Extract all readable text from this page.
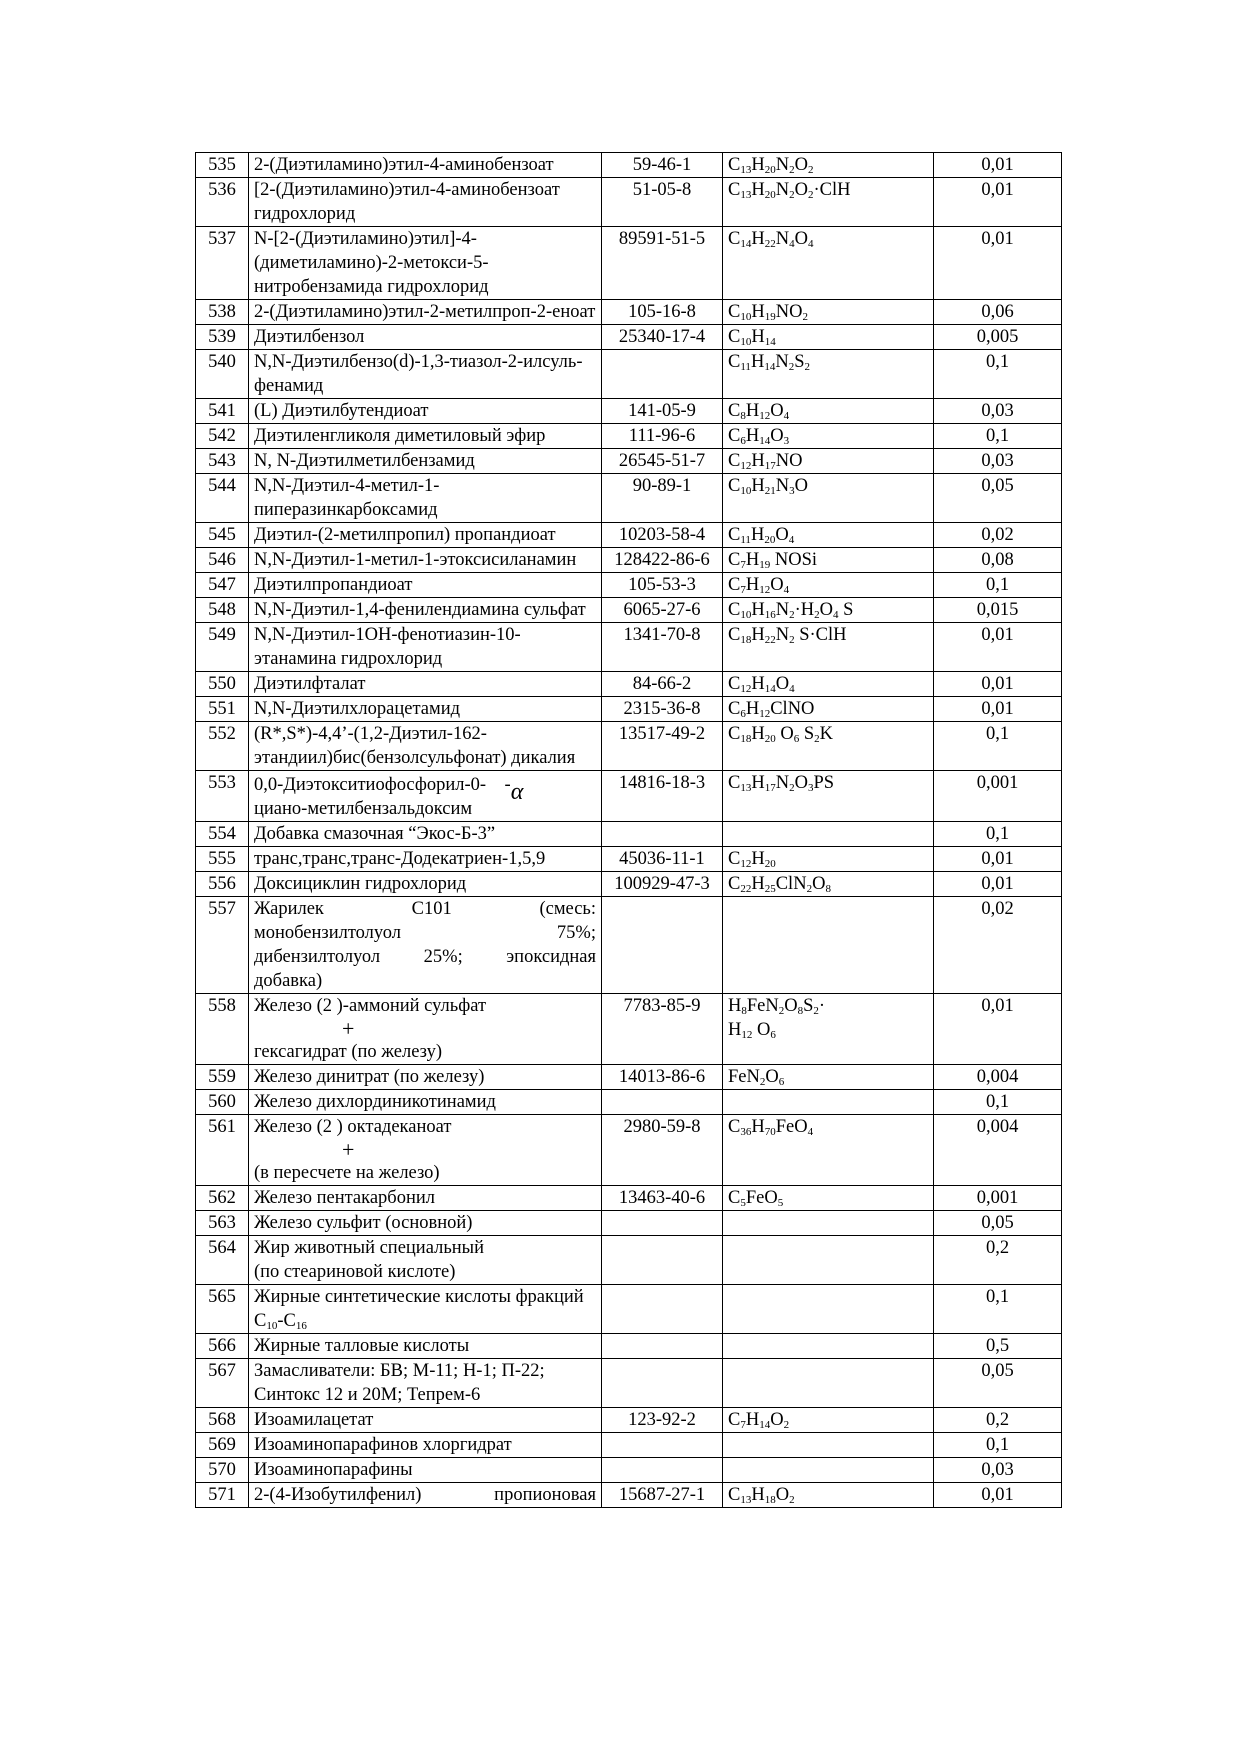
535	2-(Диэтиламино)этил-4-аминобензоат	59-46-1	$C_{13}H_{20}N_2O_2$	0,01
536	[2-(Диэтиламино)этил-4-аминобензоат гидрохлорид	51-05-8	$C_{13}H_{20}N_2O_2\cdot ClH$	0,01
537	N-[2-(Диэтиламино)этил]-4-(диметиламино)-2-метокси-5-нитробензамида гидрохлорид	89591-51-5	$C_{14}H_{22}N_4O_4$	0,01
538	2-(Диэтиламино)этил-2-метилпроп-2-еноат	105-16-8	$C_{10}H_{19}NO_2$	0,06
539	Диэтилбензол	25340-17-4	$C_{10}H_{14}$	0,005
540	N,N-Диэтилбензо(d)-1,3-тиазол-2-илсуль-фенамид		$C_{11}H_{14}N_2S_2$	0,1
541	(L) Диэтилбутендиоат	141-05-9	$C_8H_{12}O_4$	0,03
542	Диэтиленгликоля диметиловый эфир	111-96-6	$C_6H_{14}O_3$	0,1
543	N, N-Диэтилметилбензамид	26545-51-7	$C_{12}H_{17}NO$	0,03
544	N,N-Диэтил-4-метил-1-пиперазинкарбоксамид	90-89-1	$C_{10}H_{21}N_3O$	0,05
545	Диэтил-(2-метилпропил) пропандиоат	10203-58-4	$C_{11}H_{20}O_4$	0,02
546	N,N-Диэтил-1-метил-1-этоксисиланамин	128422-86-6	$C_7H_{19}$ NOSi	0,08
547	Диэтилпропандиоат	105-53-3	$C_7H_{12}O_4$	0,1
548	N,N-Диэтил-1,4-фенилендиамина сульфат	6065-27-6	$C_{10}H_{16}N_2\cdot H_2O_4$ S	0,015
549	N,N-Диэтил-1ОН-фенотиазин-10-этанамина гидрохлорид	1341-70-8	$C_{18}H_{22}N_2$ S·ClH	0,01
550	Диэтилфталат	84-66-2	$C_{12}H_{14}O_4$	0,01
551	N,N-Диэтилхлорацетамид	2315-36-8	$C_6H_{12}ClNO$	0,01
552	(R*,S*)-4,4’-(1,2-Диэтил-162-этандиил)бис(бензолсульфонат) дикалия	13517-49-2	$C_{18}H_{20}$ $O_6$ $S_2K$	0,1
553	0,0-Диэтокситиофосфорил-0- -α
циано-метилбензальдоксим	14816-18-3	$C_{13}H_{17}N_2O_3PS$	0,001
554	Добавка смазочная “Экос-Б-3”			0,1
555	транс,транс,транс-Додекатриен-1,5,9	45036-11-1	$C_{12}H_{20}$	0,01
556	Доксициклин гидрохлорид	100929-47-3	$C_{22}H_{25}ClN_2O_8$	0,01
557	Жарилек С101 (смесь:
монобензилтолуол 75%;
дибензилтолуол 25%; эпоксидная
добавка)			0,02
558	Железо (2 )-аммоний сульфат
+
гексагидрат (по железу)	7783-85-9	$H_8FeN_2O_8S_2\cdot$
$H_{12}$ $O_6$	0,01
559	Железо динитрат (по железу)	14013-86-6	$FeN_2O_6$	0,004
560	Железо дихлординикотинамид			0,1
561	Железо (2 ) октадеканоат
+
(в пересчете на железо)	2980-59-8	$C_{36}H_{70}FeO_4$	0,004
562	Железо пентакарбонил	13463-40-6	$C_5FeO_5$	0,001
563	Железо сульфит (основной)			0,05
564	Жир животный специальный
(по стеариновой кислоте)			0,2
565	Жирные синтетические кислоты фракций $C_{10}-C_{16}$			0,1
566	Жирные талловые кислоты			0,5
567	Замасливатели: БВ; М-11; Н-1; П-22;
Синтокс 12 и 20М; Тепрем-6			0,05
568	Изоамилацетат	123-92-2	$C_7H_{14}O_2$	0,2
569	Изоаминопарафинов хлоргидрат			0,1
570	Изоаминопарафины			0,03
571	2-(4-Изобутилфенил) пропионовая	15687-27-1	$C_{13}H_{18}O_2$	0,01
